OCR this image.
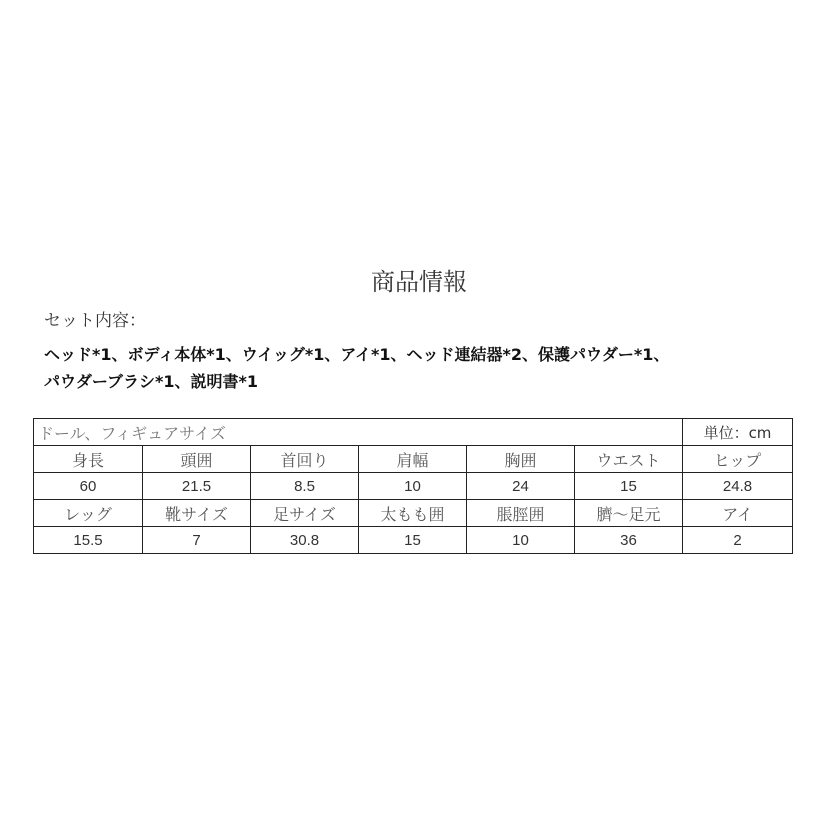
商品情報
セット内容：
ヘッド*1、ボディ本体*1、ウイッグ*1、アイ*1、ヘッド連結器*2、保護パウダー*1、
パウダーブラシ*1、説明書*1
ドール、フィギュアサイズ						単位：cm
身長	頭囲	首回り	肩幅	胸囲	ウエスト	ヒップ
60	21.5	8.5	10	24	15	24.8
レッグ	靴サイズ	足サイズ	太もも囲	脹脛囲	臍～足元	アイ
15.5	7	30.8	15	10	36	2
